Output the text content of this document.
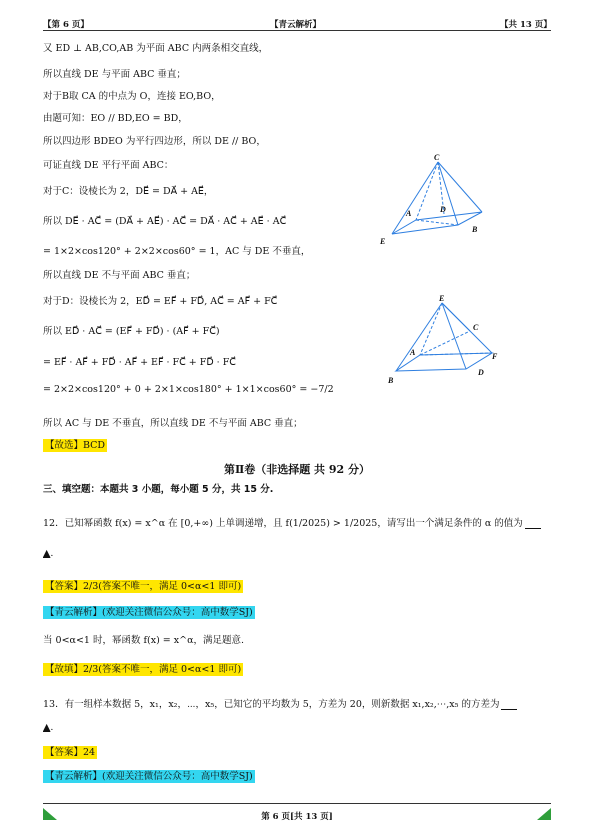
【第 6 页】	【青云解析】	【共 13 页】
又 ED ⊥ AB,CO,AB 为平面 ABC 内两条相交直线，
所以直线 DE 与平面 ABC 垂直；
对于B取 CA 的中点为 O，连接 EO,BO，
由题可知：EO // BD,EO = BD，
所以四边形 BDEO 为平行四边形，所以 DE // BO，
可证直线 DE 平行平面 ABC：
对于C：设棱长为 2，DE⃗ = DA⃗ + AE⃗，
所以 DE⃗ · AC⃗ = (DA⃗ + AE⃗) · AC⃗ = DA⃗ · AC⃗ + AE⃗ · AC⃗
= 1×2×cos120° + 2×2×cos60° = 1，AC 与 DE 不垂直，
所以直线 DE 不与平面 ABC 垂直；
对于D：设棱长为 2，ED⃗ = EF⃗ + FD⃗, AC⃗ = AF⃗ + FC⃗
所以 ED⃗ · AC⃗ = (EF⃗ + FD⃗) · (AF⃗ + FC⃗)
= EF⃗ · AF⃗ + FD⃗ · AF⃗ + EF⃗ · FC⃗ + FD⃗ · FC⃗
= 2×2×cos120° + 0 + 2×1×cos180° + 1×1×cos60° = −7/2
所以 AC 与 DE 不垂直，所以直线 DE 不与平面 ABC 垂直；
【故选】BCD
C
A	D
B
E
E
C
A	F
B
D
第Ⅱ卷（非选择题 共 92 分）
三、填空题：本题共 3 小题，每小题 5 分，共 15 分.
12．已知幂函数 f(x) = x^α 在 [0,+∞) 上单调递增，且 f(1/2025) > 1/2025，请写出一个满足条件的 α 的值为
▲.
【答案】2/3(答案不唯一，满足 0<α<1 即可)
【青云解析】(欢迎关注微信公众号：高中数学SJ)
当 0<α<1 时，幂函数 f(x) = x^α，满足题意.
【故填】2/3(答案不唯一，满足 0<α<1 即可)
13．有一组样本数据 5，x₁，x₂，⋯，x₅，已知它的平均数为 5，方差为 20，则新数据 x₁,x₂,⋯,x₅ 的方差为
▲.
【答案】24
【青云解析】(欢迎关注微信公众号：高中数学SJ)
第 6 页[共 13 页]
